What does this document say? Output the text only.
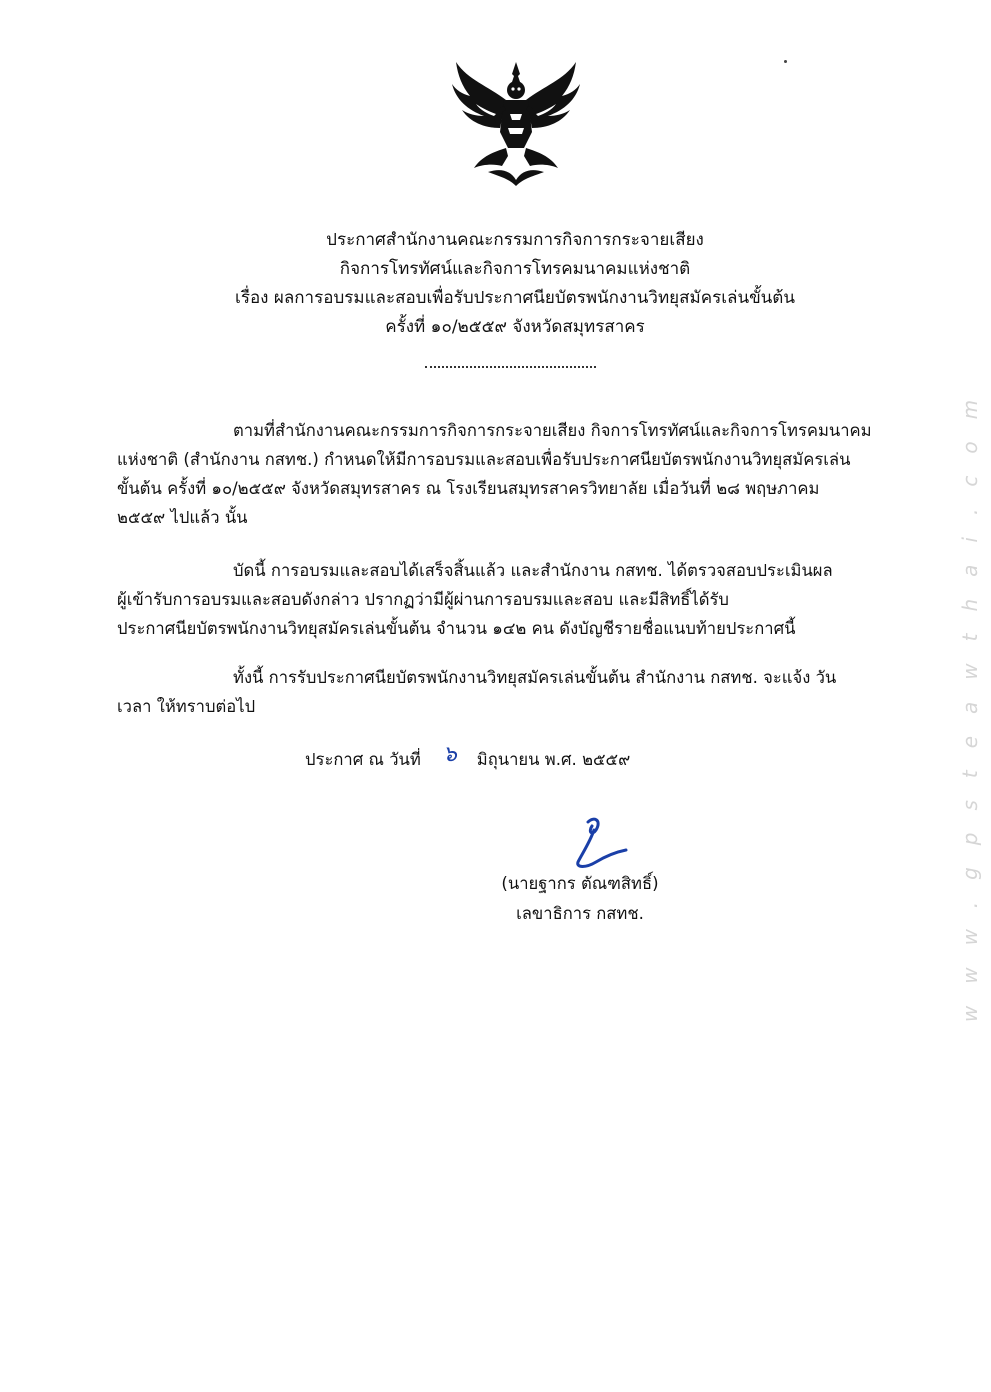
ประกาศสำนักงานคณะกรรมการกิจการกระจายเสียง
กิจการโทรทัศน์และกิจการโทรคมนาคมแห่งชาติ
เรื่อง ผลการอบรมและสอบเพื่อรับประกาศนียบัตรพนักงานวิทยุสมัครเล่นขั้นต้น
ครั้งที่ ๑๐/๒๕๕๙ จังหวัดสมุทรสาคร
ตามที่สำนักงานคณะกรรมการกิจการกระจายเสียง กิจการโทรทัศน์และกิจการโทรคมนาคม
แห่งชาติ (สำนักงาน กสทช.) กำหนดให้มีการอบรมและสอบเพื่อรับประกาศนียบัตรพนักงานวิทยุสมัครเล่น
ขั้นต้น ครั้งที่ ๑๐/๒๕๕๙ จังหวัดสมุทรสาคร ณ โรงเรียนสมุทรสาครวิทยาลัย เมื่อวันที่ ๒๘ พฤษภาคม
๒๕๕๙ ไปแล้ว นั้น
บัดนี้ การอบรมและสอบได้เสร็จสิ้นแล้ว และสำนักงาน กสทช. ได้ตรวจสอบประเมินผล
ผู้เข้ารับการอบรมและสอบดังกล่าว ปรากฏว่ามีผู้ผ่านการอบรมและสอบ และมีสิทธิ์ได้รับ
ประกาศนียบัตรพนักงานวิทยุสมัครเล่นขั้นต้น จำนวน ๑๔๒ คน ดังบัญชีรายชื่อแนบท้ายประกาศนี้
ทั้งนี้ การรับประกาศนียบัตรพนักงานวิทยุสมัครเล่นขั้นต้น สำนักงาน กสทช. จะแจ้ง วัน
เวลา ให้ทราบต่อไป
ประกาศ ณ วันที่ ๖ มิถุนายน พ.ศ. ๒๕๕๙
(นายฐากร ตัณฑสิทธิ์)
เลขาธิการ กสทช.	www.gpsteawthai.com
